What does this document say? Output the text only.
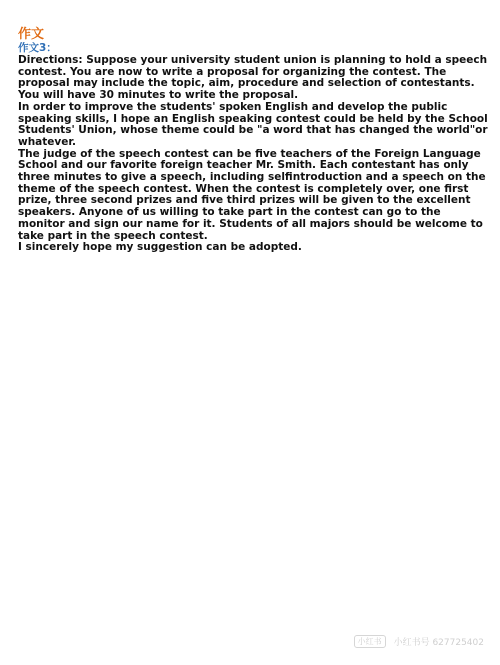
作文

作文3：

Directions: Suppose your university student union is planning to hold a speech contest. You are now to write a proposal for organizing the contest. The proposal may include the topic, aim, procedure and selection of contestants. You will have 30 minutes to write the proposal.

In order to improve the students' spoken English and develop the public speaking skills, I hope an English speaking contest could be held by the School Students' Union, whose theme could be "a word that has changed the world"or whatever.

The judge of the speech contest can be five teachers of the Foreign Language School and our favorite foreign teacher Mr. Smith. Each contestant has only three minutes to give a speech, including selfintroduction and a speech on the theme of the speech contest. When the contest is completely over, one first prize, three second prizes and five third prizes will be given to the excellent speakers. Anyone of us willing to take part in the contest can go to the monitor and sign our name for it. Students of all majors should be welcome to take part in the speech contest.

I sincerely hope my suggestion can be adopted.

小红书	小红书号 627725402
